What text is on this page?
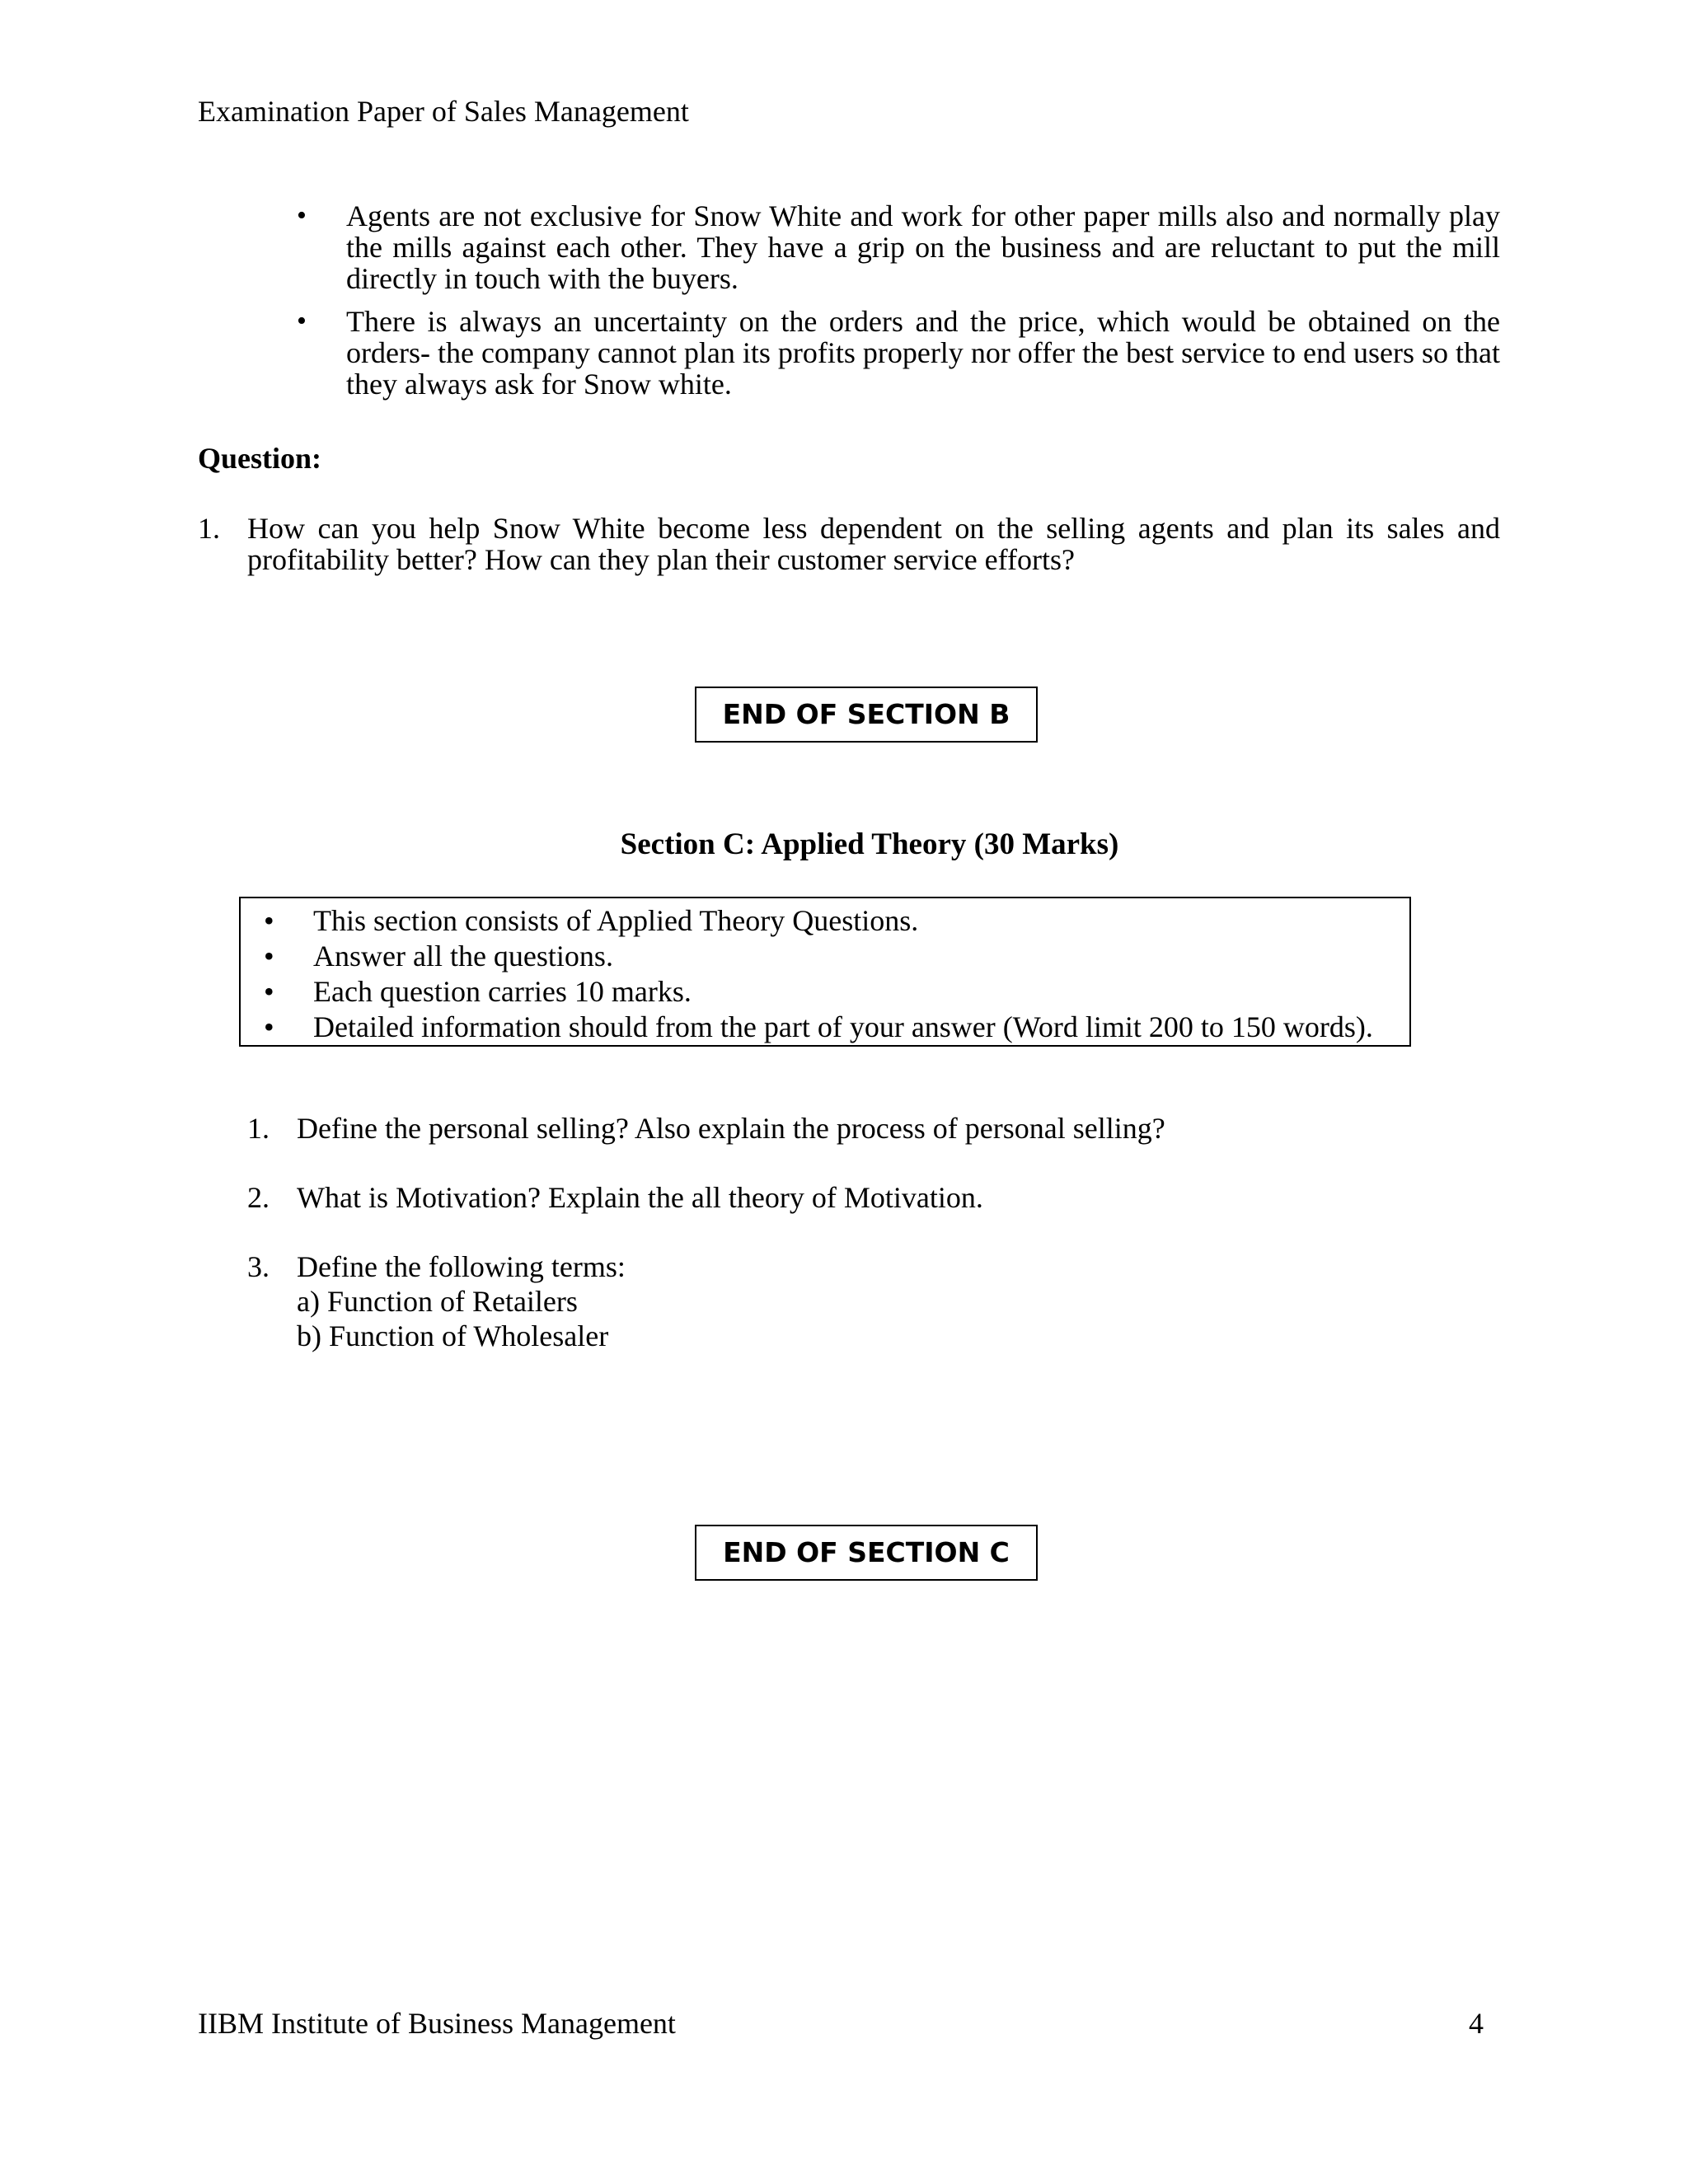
Examination Paper of Sales Management
• Agents are not exclusive for Snow White and work for other paper mills also and normally play the mills against each other. They have a grip on the business and are reluctant to put the mill directly in touch with the buyers.
• There is always an uncertainty on the orders and the price, which would be obtained on the orders- the company cannot plan its profits properly nor offer the best service to end users so that they always ask for Snow white.
Question:
1. How can you help Snow White become less dependent on the selling agents and plan its sales and profitability better? How can they plan their customer service efforts?
END OF SECTION B
Section C: Applied Theory (30 Marks)
• This section consists of Applied Theory Questions.
• Answer all the questions.
• Each question carries 10 marks.
• Detailed information should from the part of your answer (Word limit 200 to 150 words).
1. Define the personal selling? Also explain the process of personal selling?
2. What is Motivation? Explain the all theory of Motivation.
3. Define the following terms:
a) Function of Retailers
b) Function of Wholesaler
END OF SECTION C
IIBM Institute of Business Management	4
